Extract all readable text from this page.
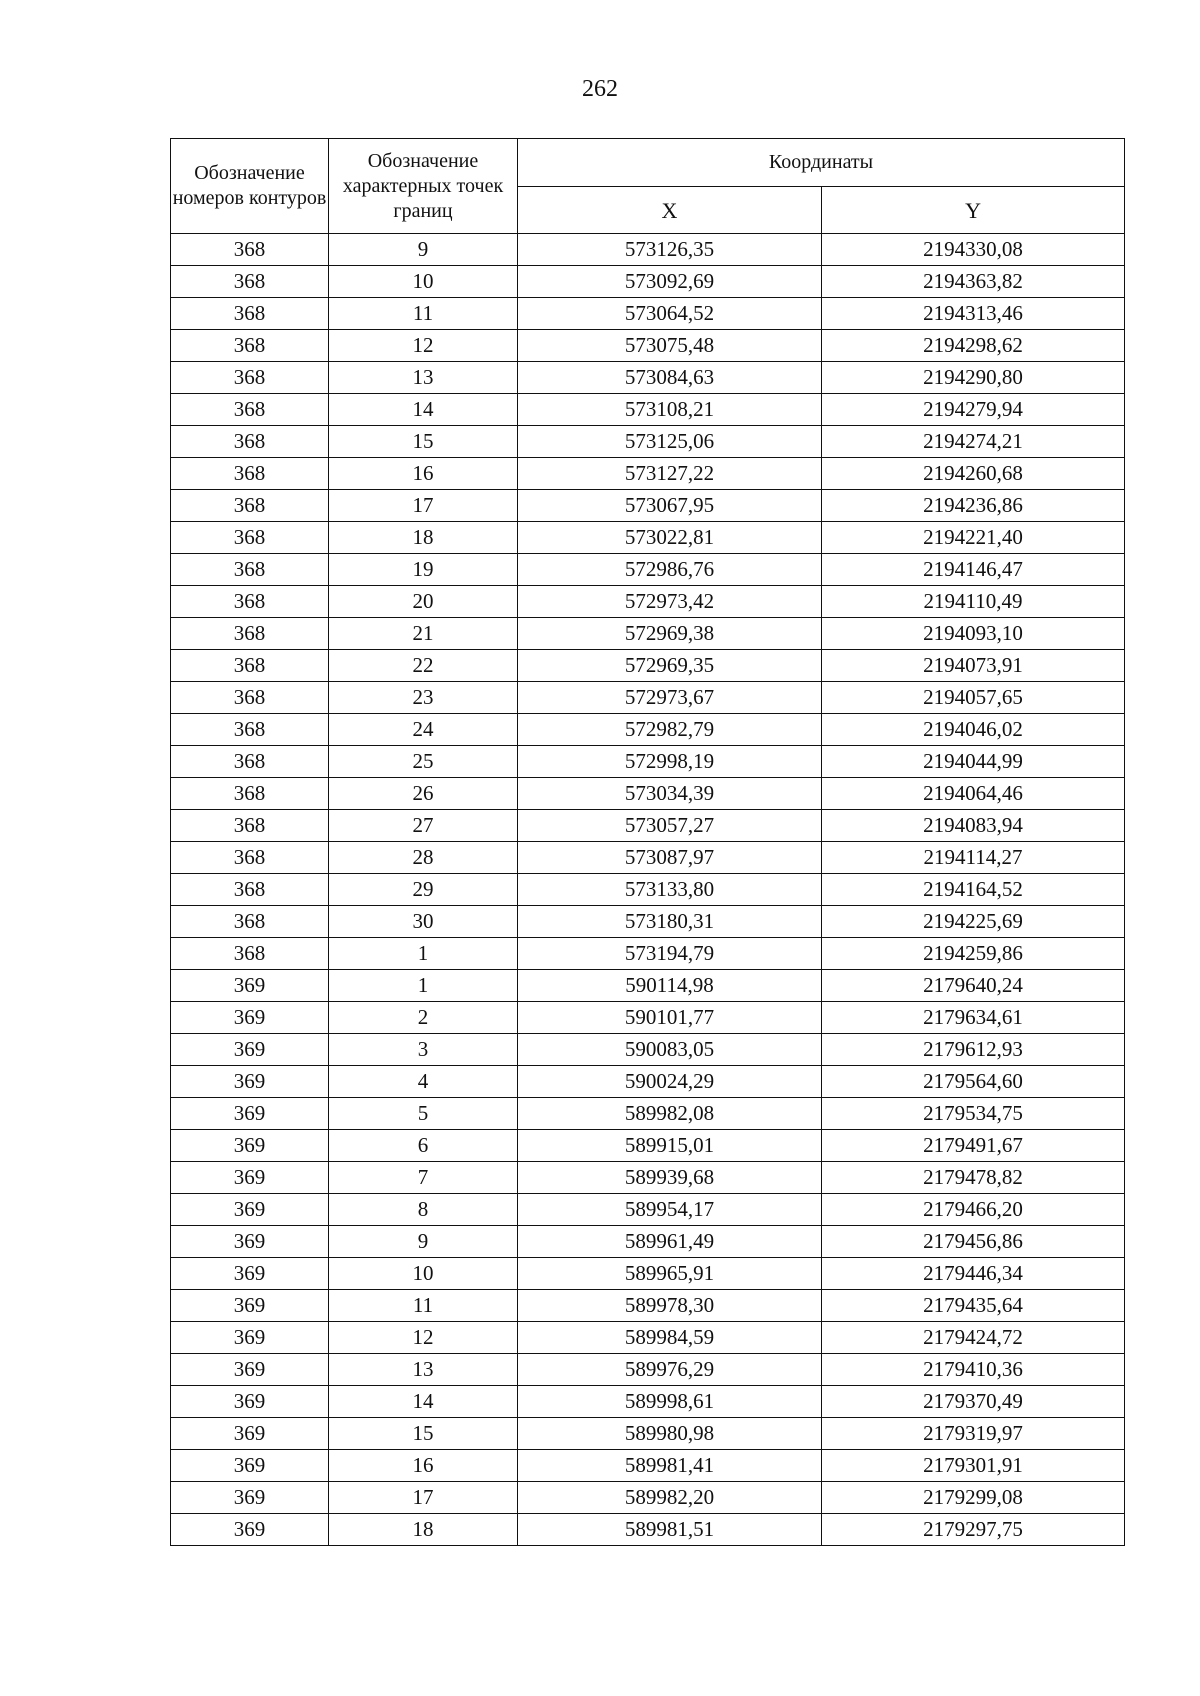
262
Обозначение номеров контуров	Обозначение характерных точек границ	Координаты	
		X	Y
368	9	573126,35	2194330,08
368	10	573092,69	2194363,82
368	11	573064,52	2194313,46
368	12	573075,48	2194298,62
368	13	573084,63	2194290,80
368	14	573108,21	2194279,94
368	15	573125,06	2194274,21
368	16	573127,22	2194260,68
368	17	573067,95	2194236,86
368	18	573022,81	2194221,40
368	19	572986,76	2194146,47
368	20	572973,42	2194110,49
368	21	572969,38	2194093,10
368	22	572969,35	2194073,91
368	23	572973,67	2194057,65
368	24	572982,79	2194046,02
368	25	572998,19	2194044,99
368	26	573034,39	2194064,46
368	27	573057,27	2194083,94
368	28	573087,97	2194114,27
368	29	573133,80	2194164,52
368	30	573180,31	2194225,69
368	1	573194,79	2194259,86
369	1	590114,98	2179640,24
369	2	590101,77	2179634,61
369	3	590083,05	2179612,93
369	4	590024,29	2179564,60
369	5	589982,08	2179534,75
369	6	589915,01	2179491,67
369	7	589939,68	2179478,82
369	8	589954,17	2179466,20
369	9	589961,49	2179456,86
369	10	589965,91	2179446,34
369	11	589978,30	2179435,64
369	12	589984,59	2179424,72
369	13	589976,29	2179410,36
369	14	589998,61	2179370,49
369	15	589980,98	2179319,97
369	16	589981,41	2179301,91
369	17	589982,20	2179299,08
369	18	589981,51	2179297,75
